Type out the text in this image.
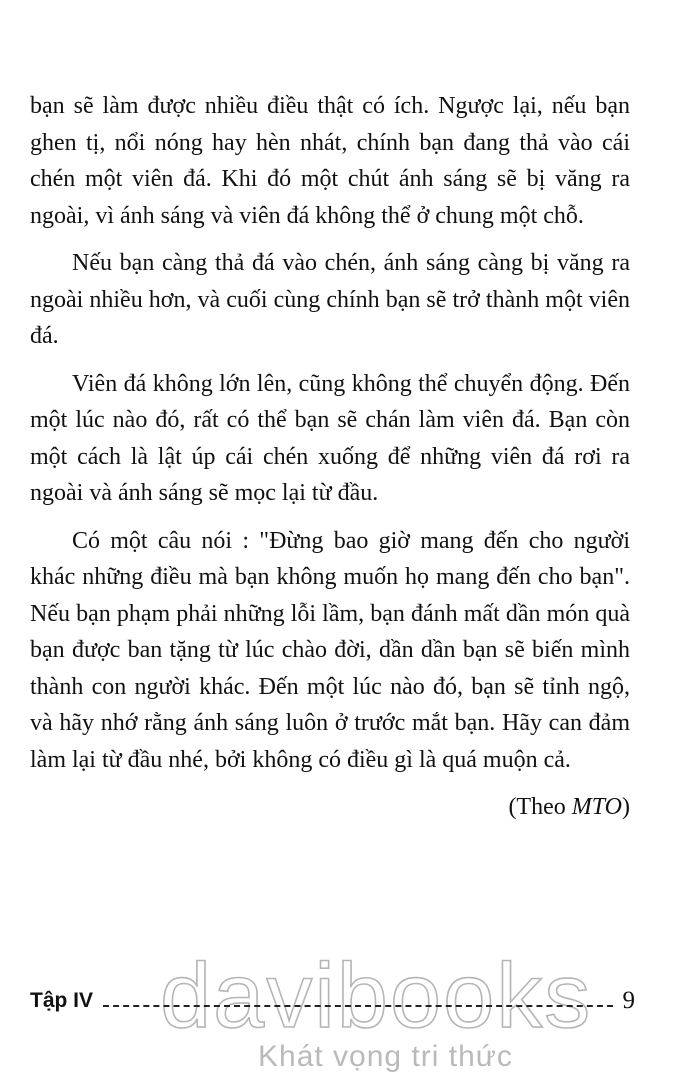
bạn sẽ làm được nhiều điều thật có ích. Ngược lại, nếu bạn ghen tị, nổi nóng hay hèn nhát, chính bạn đang thả vào cái chén một viên đá. Khi đó một chút ánh sáng sẽ bị văng ra ngoài, vì ánh sáng và viên đá không thể ở chung một chỗ.

Nếu bạn càng thả đá vào chén, ánh sáng càng bị văng ra ngoài nhiều hơn, và cuối cùng chính bạn sẽ trở thành một viên đá.

Viên đá không lớn lên, cũng không thể chuyển động. Đến một lúc nào đó, rất có thể bạn sẽ chán làm viên đá. Bạn còn một cách là lật úp cái chén xuống để những viên đá rơi ra ngoài và ánh sáng sẽ mọc lại từ đầu.

Có một câu nói : "Đừng bao giờ mang đến cho người khác những điều mà bạn không muốn họ mang đến cho bạn". Nếu bạn phạm phải những lỗi lầm, bạn đánh mất dần món quà bạn được ban tặng từ lúc chào đời, dần dần bạn sẽ biến mình thành con người khác. Đến một lúc nào đó, bạn sẽ tỉnh ngộ, và hãy nhớ rằng ánh sáng luôn ở trước mắt bạn. Hãy can đảm làm lại từ đầu nhé, bởi không có điều gì là quá muộn cả.

(Theo MTO)
davibooks
Khát vọng tri thức
Tập IV	9
